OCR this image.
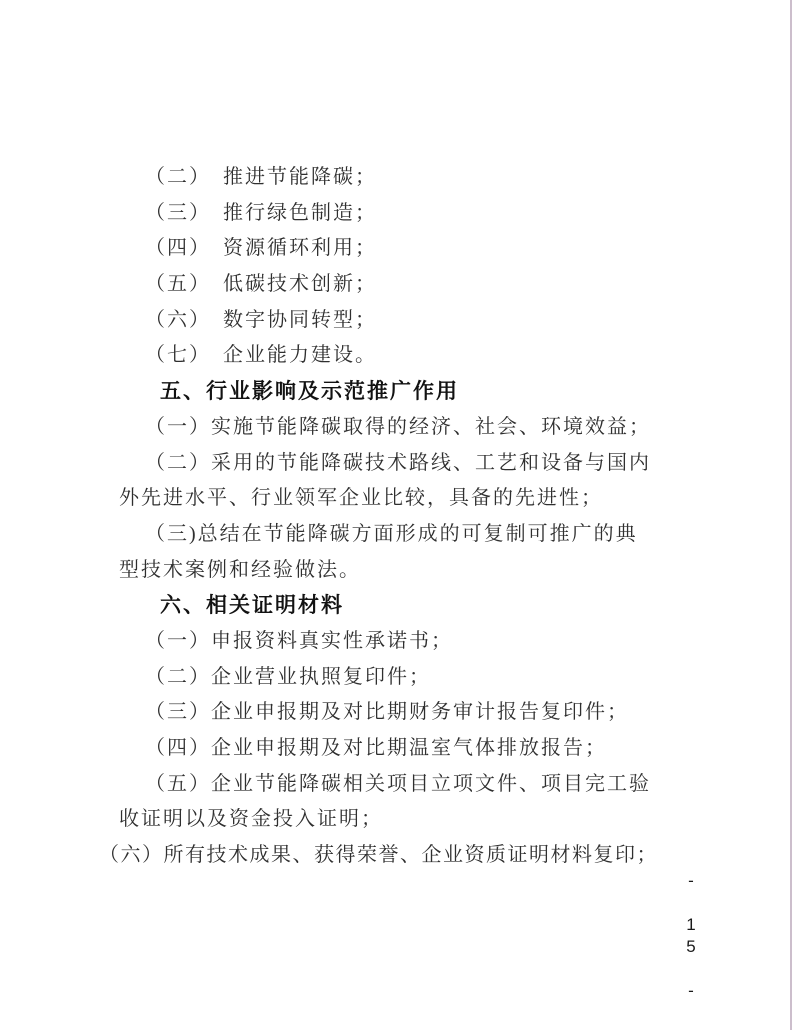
（二）　推进节能降碳；
（三）　推行绿色制造；
（四）　资源循环利用；
（五）　低碳技术创新；
（六）　数字协同转型；
（七）　企业能力建设。
五、行业影响及示范推广作用
（一）实施节能降碳取得的经济、社会、环境效益；
（二）采用的节能降碳技术路线、工艺和设备与国内
外先进水平、行业领军企业比较，具备的先进性；
（三)总结在节能降碳方面形成的可复制可推广的典
型技术案例和经验做法。
六、相关证明材料
（一）申报资料真实性承诺书；
（二）企业营业执照复印件；
（三）企业申报期及对比期财务审计报告复印件；
（四）企业申报期及对比期温室气体排放报告；
（五）企业节能降碳相关项目立项文件、项目完工验
收证明以及资金投入证明；
（六）所有技术成果、获得荣誉、企业资质证明材料复印；
-
1
5
-
